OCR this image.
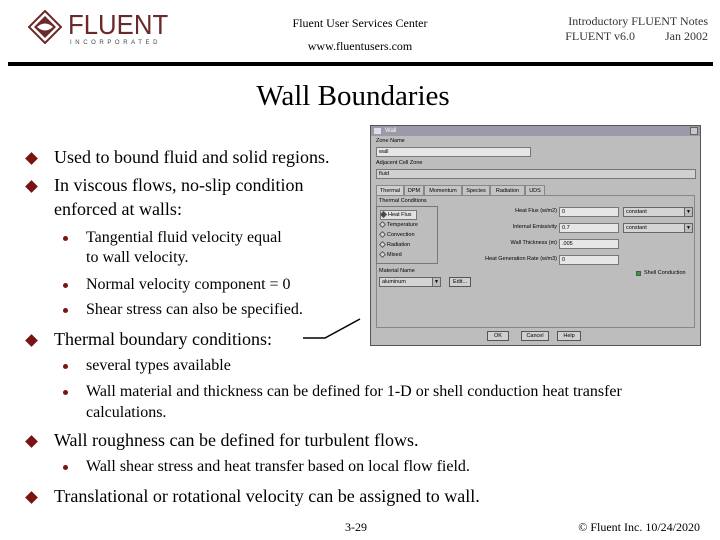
FLUENT
INCORPORATED
Fluent User Services Center
www.fluentusers.com
Introductory FLUENT Notes
FLUENT v6.0	Jan 2002
Wall Boundaries
Used to bound fluid and solid regions.
In viscous flows, no-slip condition
enforced at walls:
Tangential fluid velocity equal
to wall velocity.
Normal velocity component = 0
Shear stress can also be specified.
Thermal boundary conditions:
several types available
Wall material and thickness can be defined for 1-D or shell conduction heat transfer
calculations.
Wall roughness can be defined for turbulent flows.
Wall shear stress and heat transfer based on local flow field.
Translational or rotational velocity can be assigned to wall.
Wall
Zone Name
wall
Adjacent Cell Zone
fluid
Thermal	DPM	Momentum	Species	Radiation	UDS
Thermal Conditions
Heat Flux
Temperature
Convection
Radiation
Mixed
Material Name
aluminum	▼	Edit...
Heat Flux (w/m2) 0	constant	▼
Internal Emissivity 0.7	constant	▼
Wall Thickness (m) .005
Heat Generation Rate (w/m3) 0
Shell Conduction
OK	Cancel	Help
3-29	© Fluent Inc. 10/24/2020
